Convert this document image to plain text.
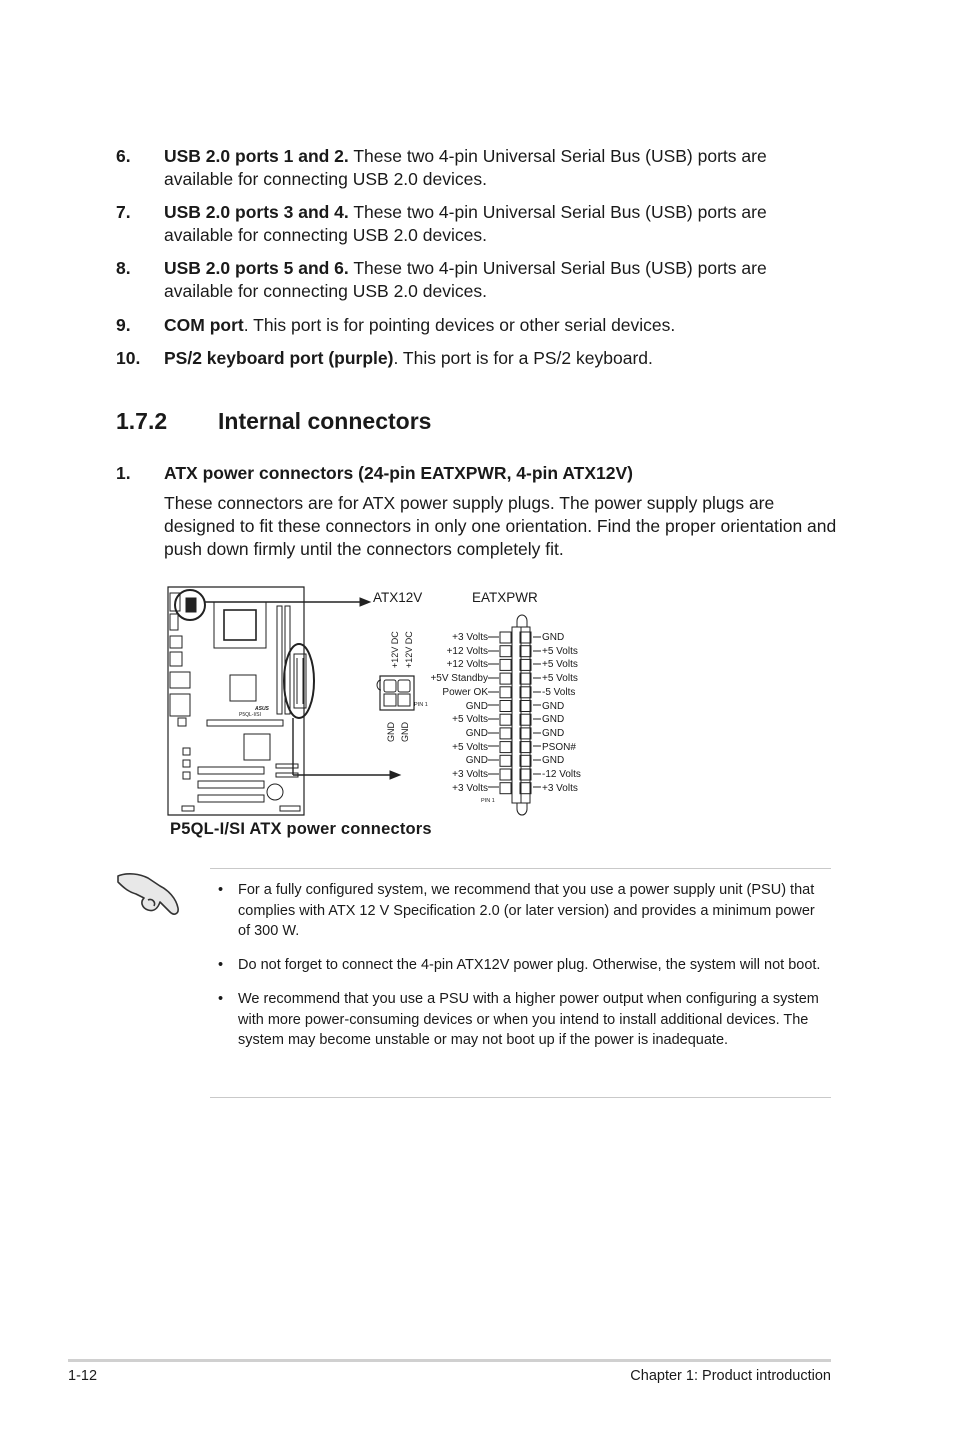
6. USB 2.0 ports 1 and 2. These two 4-pin Universal Serial Bus (USB) ports are available for connecting USB 2.0 devices.
7. USB 2.0 ports 3 and 4. These two 4-pin Universal Serial Bus (USB) ports are available for connecting USB 2.0 devices.
8. USB 2.0 ports 5 and 6. These two 4-pin Universal Serial Bus (USB) ports are available for connecting USB 2.0 devices.
9. COM port. This port is for pointing devices or other serial devices.
10. PS/2 keyboard port (purple). This port is for a PS/2 keyboard.
1.7.2 Internal connectors
1. ATX power connectors (24-pin EATXPWR, 4-pin ATX12V)
These connectors are for ATX power supply plugs. The power supply plugs are designed to fit these connectors in only one orientation. Find the proper orientation and push down firmly until the connectors completely fit.
ATX12V	EATXPWR
+12V DC +12V DC
GND GND
PIN 1
PIN 1
ASUS
P5QL-I/SI
+3 Volts
+12 Volts
+12 Volts
+5V Standby
Power OK
GND
+5 Volts
GND
+5 Volts
GND
+3 Volts
+3 Volts
GND
+5 Volts
+5 Volts
+5 Volts
-5 Volts
GND
GND
GND
PSON#
GND
-12 Volts
+3 Volts
P5QL-I/SI ATX power connectors
• For a fully configured system, we recommend that you use a power supply unit (PSU) that complies with ATX 12 V Specification 2.0 (or later version) and provides a minimum power of 300 W.
• Do not forget to connect the 4-pin ATX12V power plug. Otherwise, the system will not boot.
• We recommend that you use a PSU with a higher power output when configuring a system with more power-consuming devices or when you intend to install additional devices. The system may become unstable or may not boot up if the power is inadequate.
1-12	Chapter 1: Product introduction
